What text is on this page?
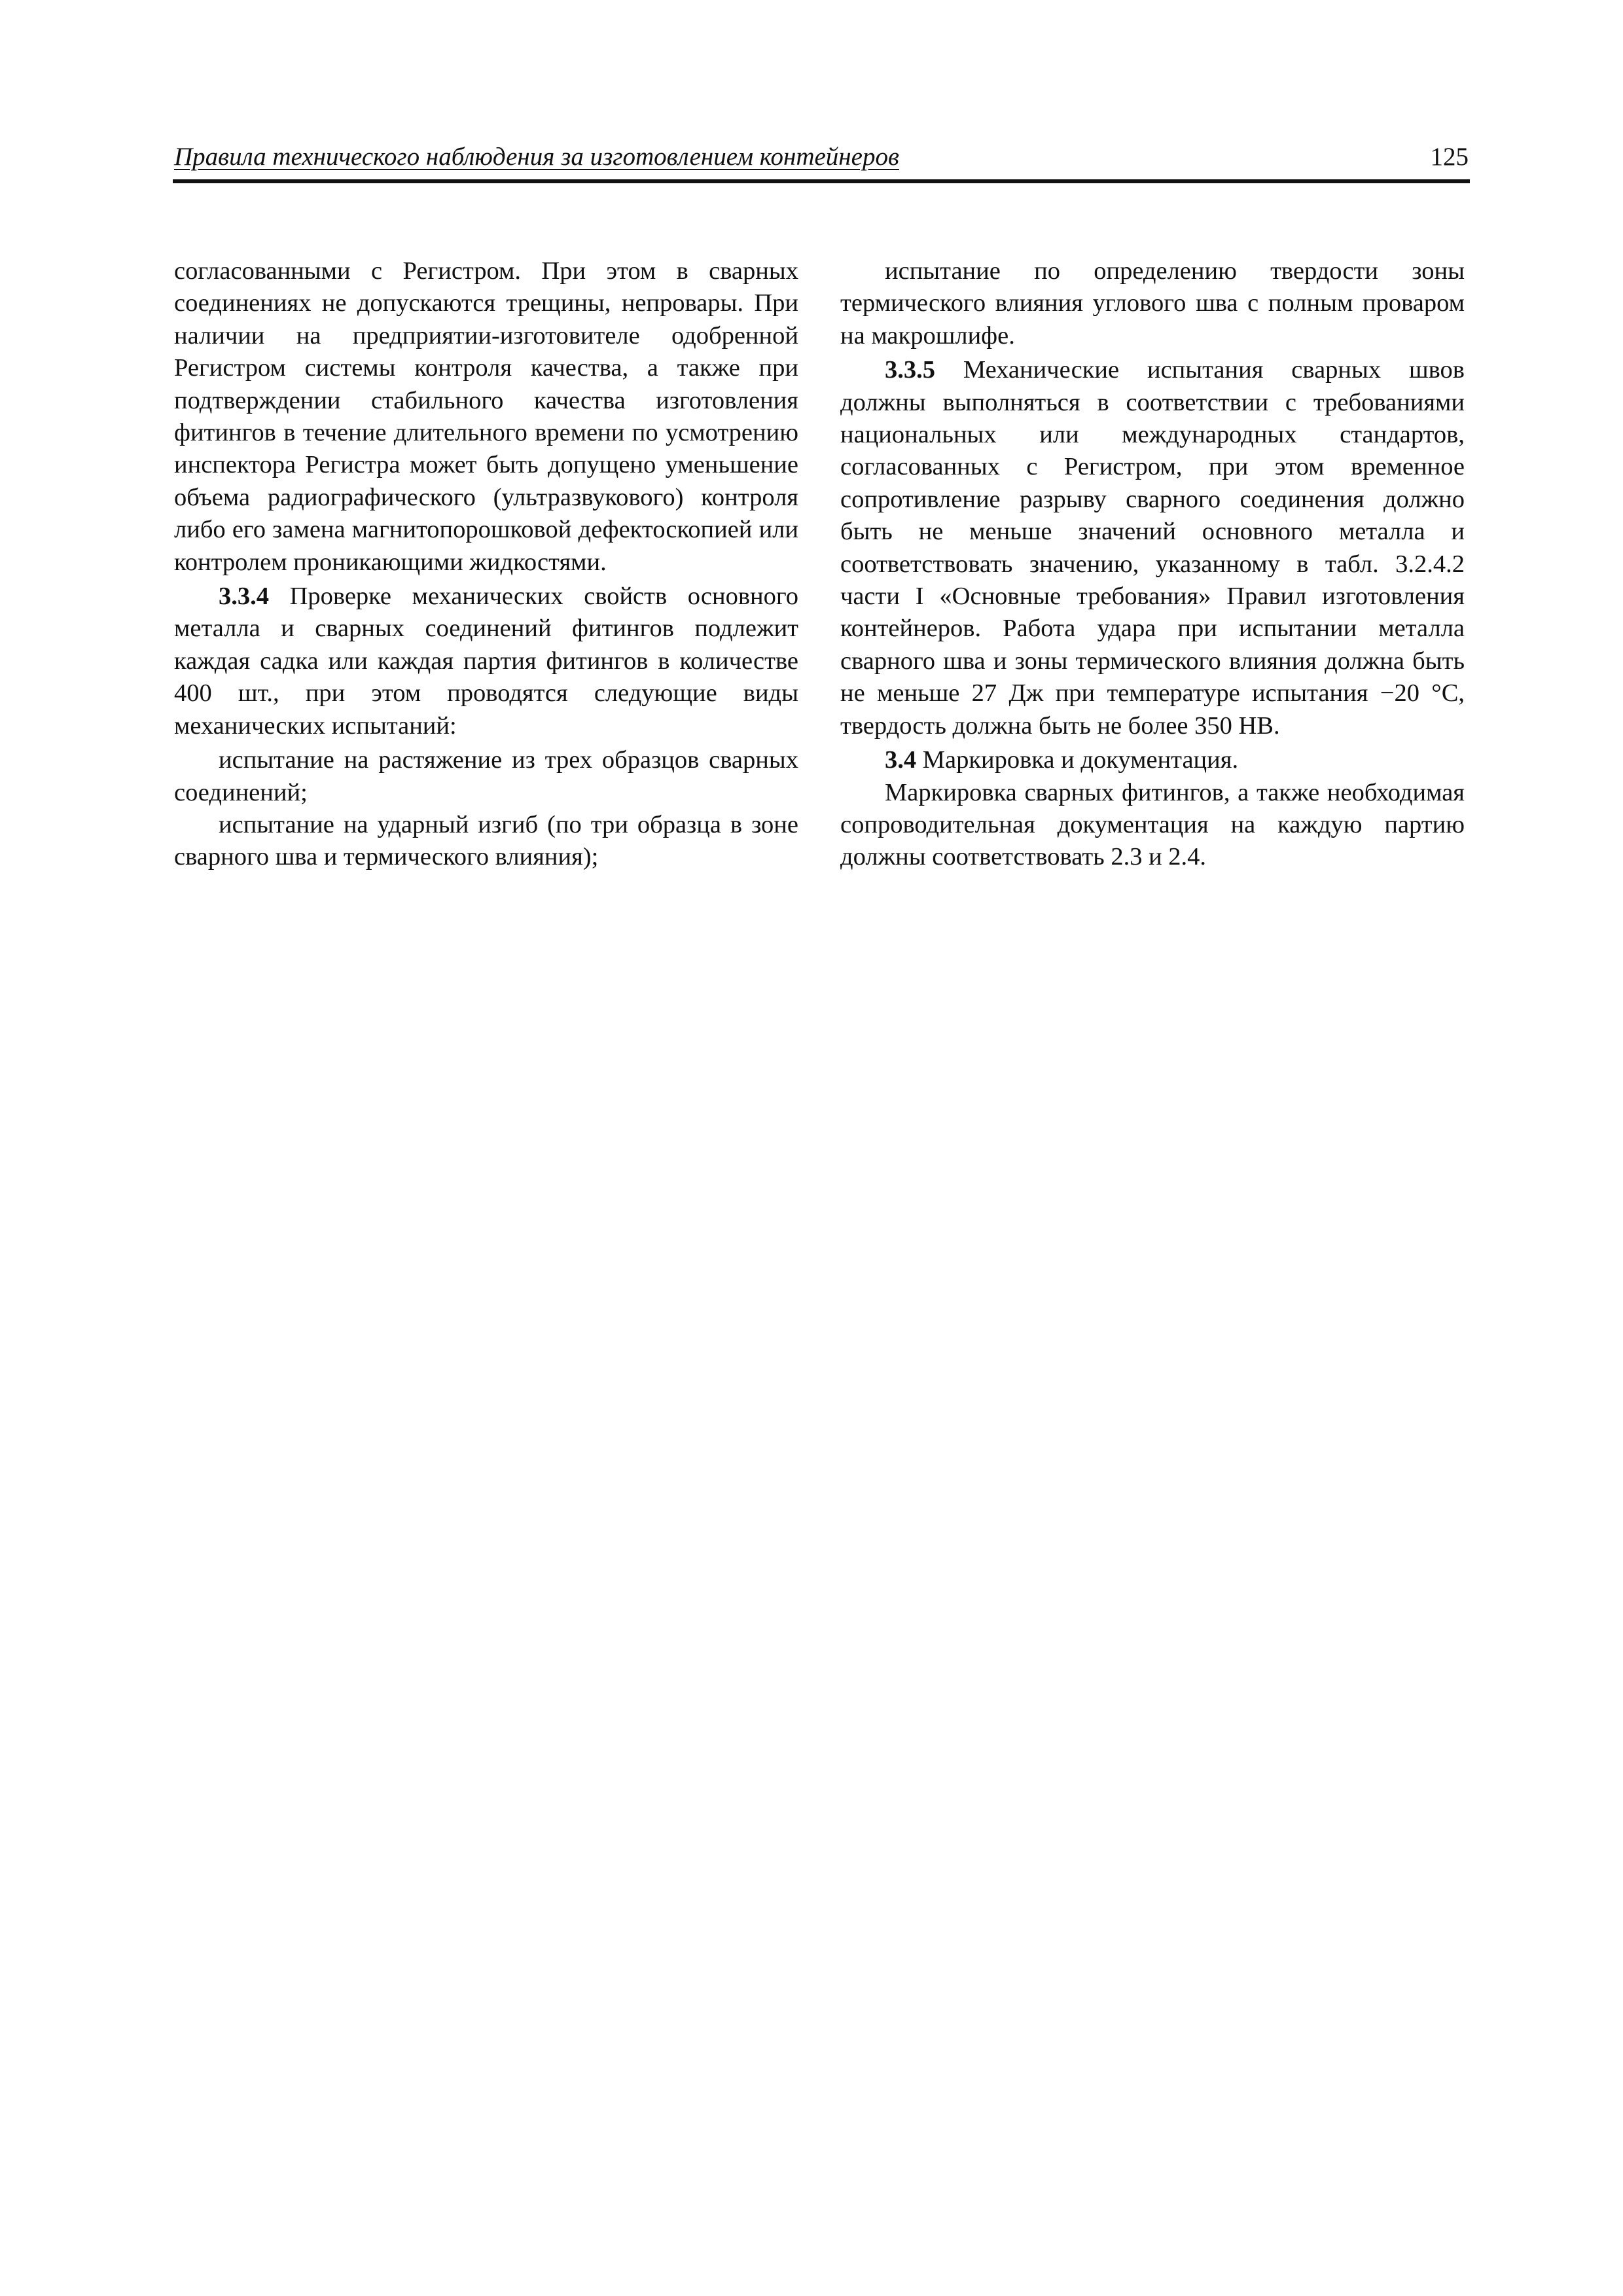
Правила технического наблюдения за изготовлением контейнеров	125

согласованными с Регистром. При этом в сварных соединениях не допускаются трещины, непровары. При наличии на предприятии-изготовителе одобренной Регистром системы контроля качества, а также при подтверждении стабильного качества изготовления фитингов в течение длительного времени по усмотрению инспектора Регистра может быть допущено уменьшение объема радиографического (ультразвукового) контроля либо его замена магнитопорошковой дефектоскопией или контролем проникающими жидкостями.

3.3.4 Проверке механических свойств основного металла и сварных соединений фитингов подлежит каждая садка или каждая партия фитингов в количестве 400 шт., при этом проводятся следующие виды механических испытаний:

испытание на растяжение из трех образцов сварных соединений;

испытание на ударный изгиб (по три образца в зоне сварного шва и термического влияния);

испытание по определению твердости зоны термического влияния углового шва с полным проваром на макрошлифе.

3.3.5 Механические испытания сварных швов должны выполняться в соответствии с требованиями национальных или международных стандартов, согласованных с Регистром, при этом временное сопротивление разрыву сварного соединения должно быть не меньше значений основного металла и соответствовать значению, указанному в табл. 3.2.4.2 части I «Основные требования» Правил изготовления контейнеров. Работа удара при испытании металла сварного шва и зоны термического влияния должна быть не меньше 27 Дж при температуре испытания −20 °С, твердость должна быть не более 350 НВ.

3.4 Маркировка и документация.

Маркировка сварных фитингов, а также необходимая сопроводительная документация на каждую партию должны соответствовать 2.3 и 2.4.
